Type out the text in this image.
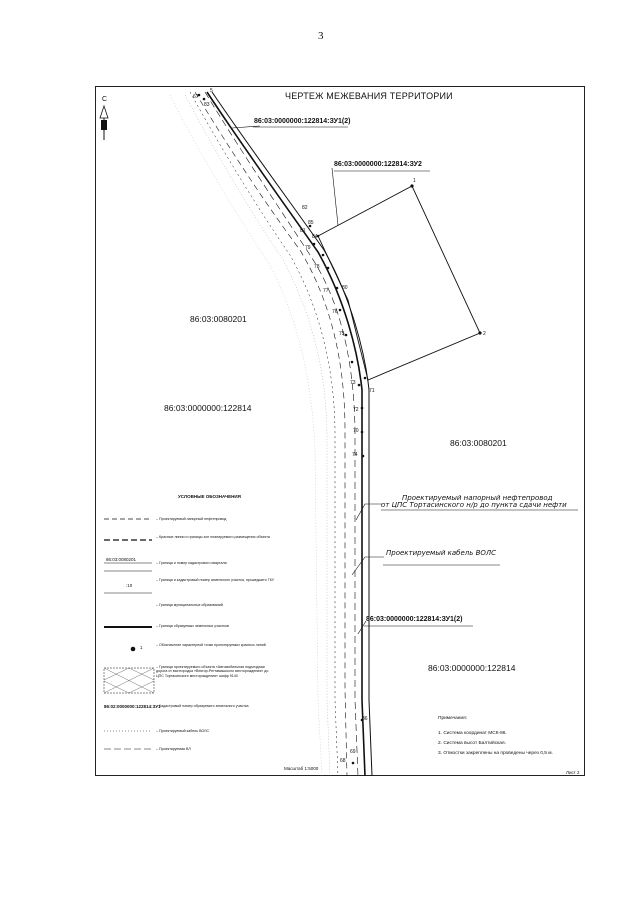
3
ЧЕРТЕЖ МЕЖЕВАНИЯ ТЕРРИТОРИИ
С
86:03:0000000:122814:ЗУ1(2)
86:03:0000000:122814:ЗУ2
86:03:0080201
86:03:0000000:122814
86:03:0080201
86:03:0000000:122814:ЗУ1(2)
86:03:0000000:122814
Проектируемый напорный нефтепровод
от ЦПС Тортасинского н/р до пункта сдачи нефти
Проектируемый кабель ВОЛС
1
2
5
67
68
69
70
71
72
73
74
75
76
77
78
79
80
81
82
83
84
85
86
УСЛОВНЫЕ ОБОЗНАЧЕНИЯ
– Проектируемый напорный нефтепровод
– Красные линии и границы зон планируемого размещения объекта
86:03:0080201
– Граница и номер кадастрового квартала
:10
– Граница и кадастровый номер земельного участка, прошедшего ГКУ
– Граница муниципальных образований
– Граница образуемых земельных участков
1	– Обозначение характерной точки проектируемых красных линий
– Граница проектируемого объекта «Автомобильная подъездная дорога от вахтгородка «Вектор-Регтамашского месторождения» до ЦПС Тортасинского месторождения» шифр 9140
86:02:0000000:122814:ЗУ1
– Кадастровый номер образуемого земельного участка
– Проектируемый кабель ВОЛС
– Проектируемая ВЛ
Примечания:
1. Система координат МСК-86.
2. Система высот Балтийская.
3. Отмостки закреплены на проведены через 0,5 м.
Масштаб 1:5000
Лист 2
